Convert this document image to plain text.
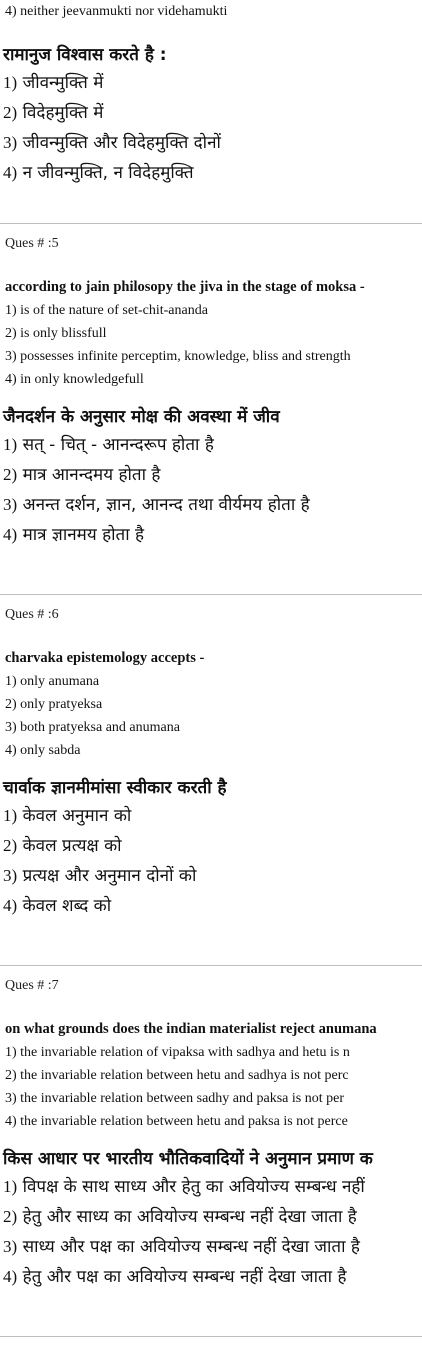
4) neither jeevanmukti nor videhamukti
रामानुज विश्वास करते है :
1) जीवन्मुक्ति में
2) विदेहमुक्ति में
3) जीवन्मुक्ति और विदेहमुक्ति दोनों
4) न जीवन्मुक्ति, न विदेहमुक्ति
Ques # :5
according to jain philosopy the jiva in the stage of moksa -
1) is of the nature of set-chit-ananda
2) is only blissfull
3) possesses infinite perceptim, knowledge, bliss and strength
4) in only knowledgefull
जैनदर्शन के अनुसार मोक्ष की अवस्था में जीव
1) सत् - चित् - आनन्दरूप होता है
2) मात्र आनन्दमय होता है
3) अनन्त दर्शन, ज्ञान, आनन्द तथा वीर्यमय होता है
4) मात्र ज्ञानमय होता है
Ques # :6
charvaka epistemology accepts -
1) only anumana
2) only pratyeksa
3) both pratyeksa and anumana
4) only sabda
चार्वाक ज्ञानमीमांसा स्वीकार करती है
1) केवल अनुमान को
2) केवल प्रत्यक्ष को
3) प्रत्यक्ष और अनुमान दोनों को
4) केवल शब्द को
Ques # :7
on what grounds does the indian materialist reject anumana
1) the invariable relation of vipaksa with sadhya and hetu is n
2) the invariable relation between hetu and sadhya is not perc
3) the invariable relation between sadhy and paksa is not per
4) the invariable relation between hetu and paksa is not perce
किस आधार पर भारतीय भौतिकवादियों ने अनुमान प्रमाण क
1) विपक्ष के साथ साध्य और हेतु का अवियोज्य सम्बन्ध नहीं
2) हेतु और साध्य का अवियोज्य सम्बन्ध नहीं देखा जाता है
3) साध्य और पक्ष का अवियोज्य सम्बन्ध नहीं देखा जाता है
4) हेतु और पक्ष का अवियोज्य सम्बन्ध नहीं देखा जाता है
